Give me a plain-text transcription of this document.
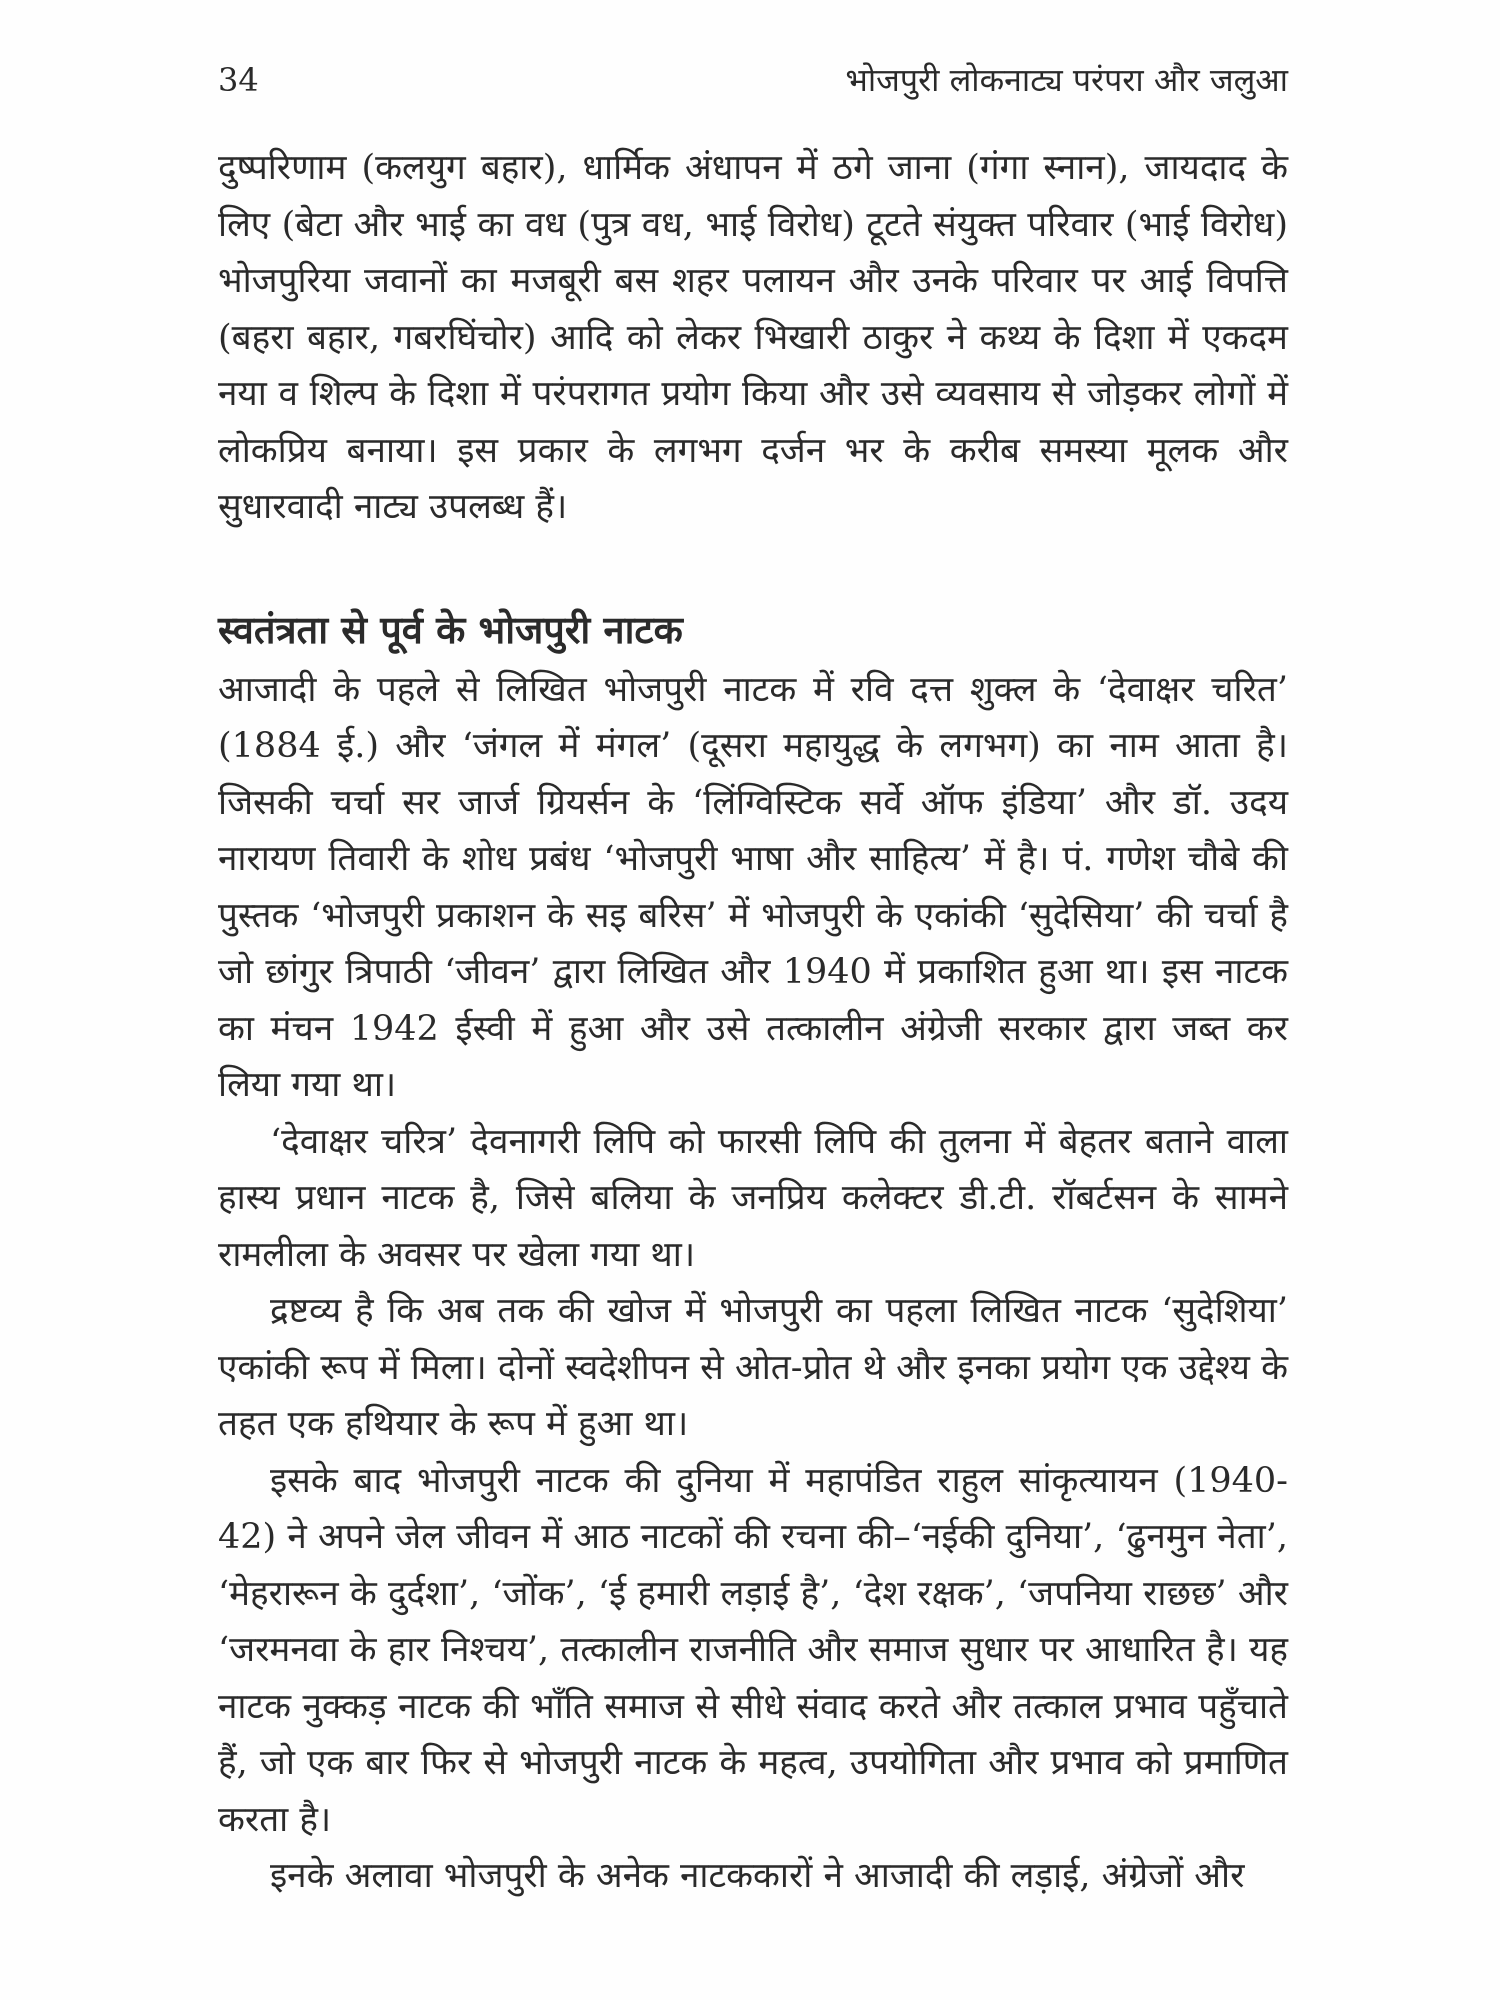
34	भोजपुरी लोकनाट्य परंपरा और जलुआ

दुष्परिणाम (कलयुग बहार), धार्मिक अंधापन में ठगे जाना (गंगा स्नान), जायदाद के लिए (बेटा और भाई का वध (पुत्र वध, भाई विरोध) टूटते संयुक्त परिवार (भाई विरोध) भोजपुरिया जवानों का मजबूरी बस शहर पलायन और उनके परिवार पर आई विपत्ति (बहरा बहार, गबरघिंचोर) आदि को लेकर भिखारी ठाकुर ने कथ्य के दिशा में एकदम नया व शिल्प के दिशा में परंपरागत प्रयोग किया और उसे व्यवसाय से जोड़कर लोगों में लोकप्रिय बनाया। इस प्रकार के लगभग दर्जन भर के करीब समस्या मूलक और सुधारवादी नाट्य उपलब्ध हैं।

स्वतंत्रता से पूर्व के भोजपुरी नाटक

आजादी के पहले से लिखित भोजपुरी नाटक में रवि दत्त शुक्ल के ‘देवाक्षर चरित’ (1884 ई.) और ‘जंगल में मंगल’ (दूसरा महायुद्ध के लगभग) का नाम आता है। जिसकी चर्चा सर जार्ज ग्रियर्सन के ‘लिंग्विस्टिक सर्वे ऑफ इंडिया’ और डॉ. उदय नारायण तिवारी के शोध प्रबंध ‘भोजपुरी भाषा और साहित्य’ में है। पं. गणेश चौबे की पुस्तक ‘भोजपुरी प्रकाशन के सइ बरिस’ में भोजपुरी के एकांकी ‘सुदेसिया’ की चर्चा है जो छांगुर त्रिपाठी ‘जीवन’ द्वारा लिखित और 1940 में प्रकाशित हुआ था। इस नाटक का मंचन 1942 ईस्वी में हुआ और उसे तत्कालीन अंग्रेजी सरकार द्वारा जब्त कर लिया गया था।

‘देवाक्षर चरित्र’ देवनागरी लिपि को फारसी लिपि की तुलना में बेहतर बताने वाला हास्य प्रधान नाटक है, जिसे बलिया के जनप्रिय कलेक्टर डी.टी. रॉबर्टसन के सामने रामलीला के अवसर पर खेला गया था।

द्रष्टव्य है कि अब तक की खोज में भोजपुरी का पहला लिखित नाटक ‘सुदेशिया’ एकांकी रूप में मिला। दोनों स्वदेशीपन से ओत-प्रोत थे और इनका प्रयोग एक उद्देश्य के तहत एक हथियार के रूप में हुआ था।

इसके बाद भोजपुरी नाटक की दुनिया में महापंडित राहुल सांकृत्यायन (1940-42) ने अपने जेल जीवन में आठ नाटकों की रचना की–‘नईकी दुनिया’, ‘ढुनमुन नेता’, ‘मेहरारून के दुर्दशा’, ‘जोंक’, ‘ई हमारी लड़ाई है’, ‘देश रक्षक’, ‘जपनिया राछछ’ और ‘जरमनवा के हार निश्चय’, तत्कालीन राजनीति और समाज सुधार पर आधारित है। यह नाटक नुक्कड़ नाटक की भाँति समाज से सीधे संवाद करते और तत्काल प्रभाव पहुँचाते हैं, जो एक बार फिर से भोजपुरी नाटक के महत्व, उपयोगिता और प्रभाव को प्रमाणित करता है।

इनके अलावा भोजपुरी के अनेक नाटककारों ने आजादी की लड़ाई, अंग्रेजों और
